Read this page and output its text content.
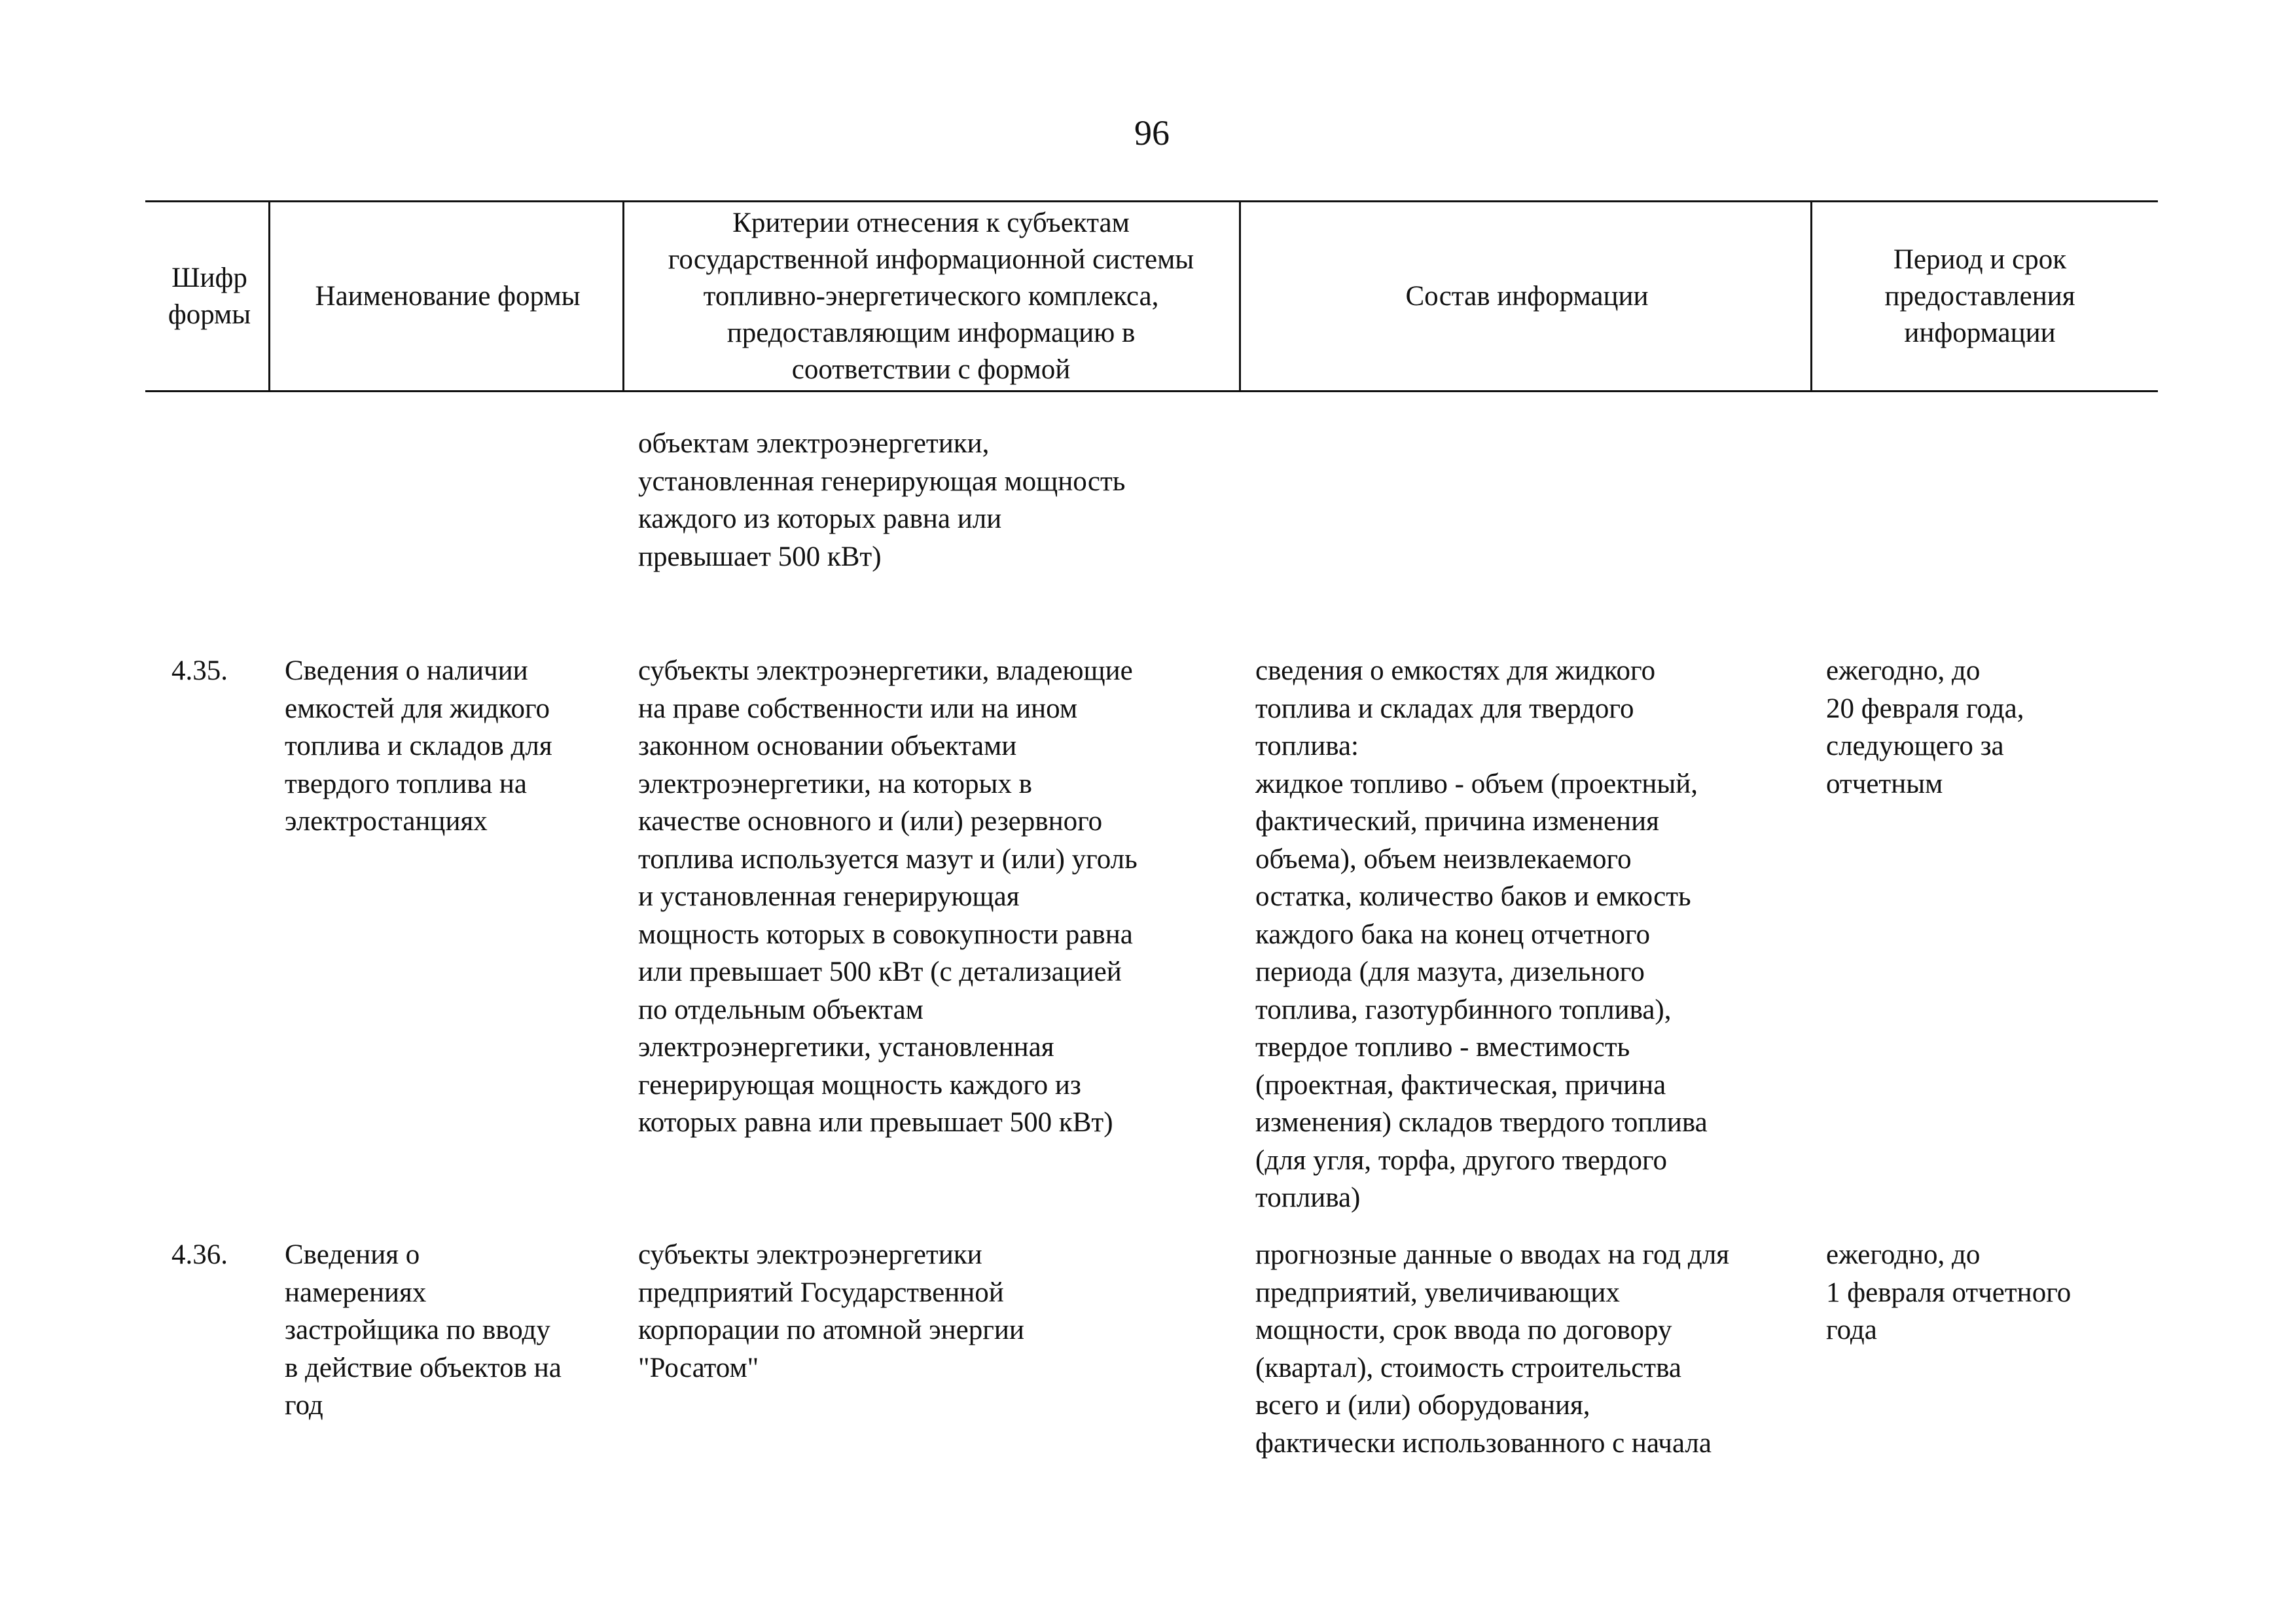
96
Шифр формы
Наименование формы
Критерии отнесения к субъектам государственной информационной системы топливно-энергетического комплекса, предоставляющим информацию в соответствии с формой
Состав информации
Период и срок предоставления информации
объектам электроэнергетики,
установленная генерирующая мощность
каждого из которых равна или
превышает 500 кВт)
4.35.	Сведения о наличии
емкостей для жидкого
топлива и складов для
твердого топлива на
электростанциях
субъекты электроэнергетики, владеющие
на праве собственности или на ином
законном основании объектами
электроэнергетики, на которых в
качестве основного и (или) резервного
топлива используется мазут и (или) уголь
и установленная генерирующая
мощность которых в совокупности равна
или превышает 500 кВт (с детализацией
по отдельным объектам
электроэнергетики, установленная
генерирующая мощность каждого из
которых равна или превышает 500 кВт)
сведения о емкостях для жидкого
топлива и складах для твердого
топлива:
жидкое топливо - объем (проектный,
фактический, причина изменения
объема), объем неизвлекаемого
остатка, количество баков и емкость
каждого бака на конец отчетного
периода (для мазута, дизельного
топлива, газотурбинного топлива),
твердое топливо - вместимость
(проектная, фактическая, причина
изменения) складов твердого топлива
(для угля, торфа, другого твердого
топлива)
ежегодно, до
20 февраля года,
следующего за
отчетным
4.36.	Сведения о
намерениях
застройщика по вводу
в действие объектов на
год
субъекты электроэнергетики
предприятий Государственной
корпорации по атомной энергии
"Росатом"
прогнозные данные о вводах на год для
предприятий, увеличивающих
мощности, срок ввода по договору
(квартал), стоимость строительства
всего и (или) оборудования,
фактически использованного с начала
ежегодно, до
1 февраля отчетного
года
